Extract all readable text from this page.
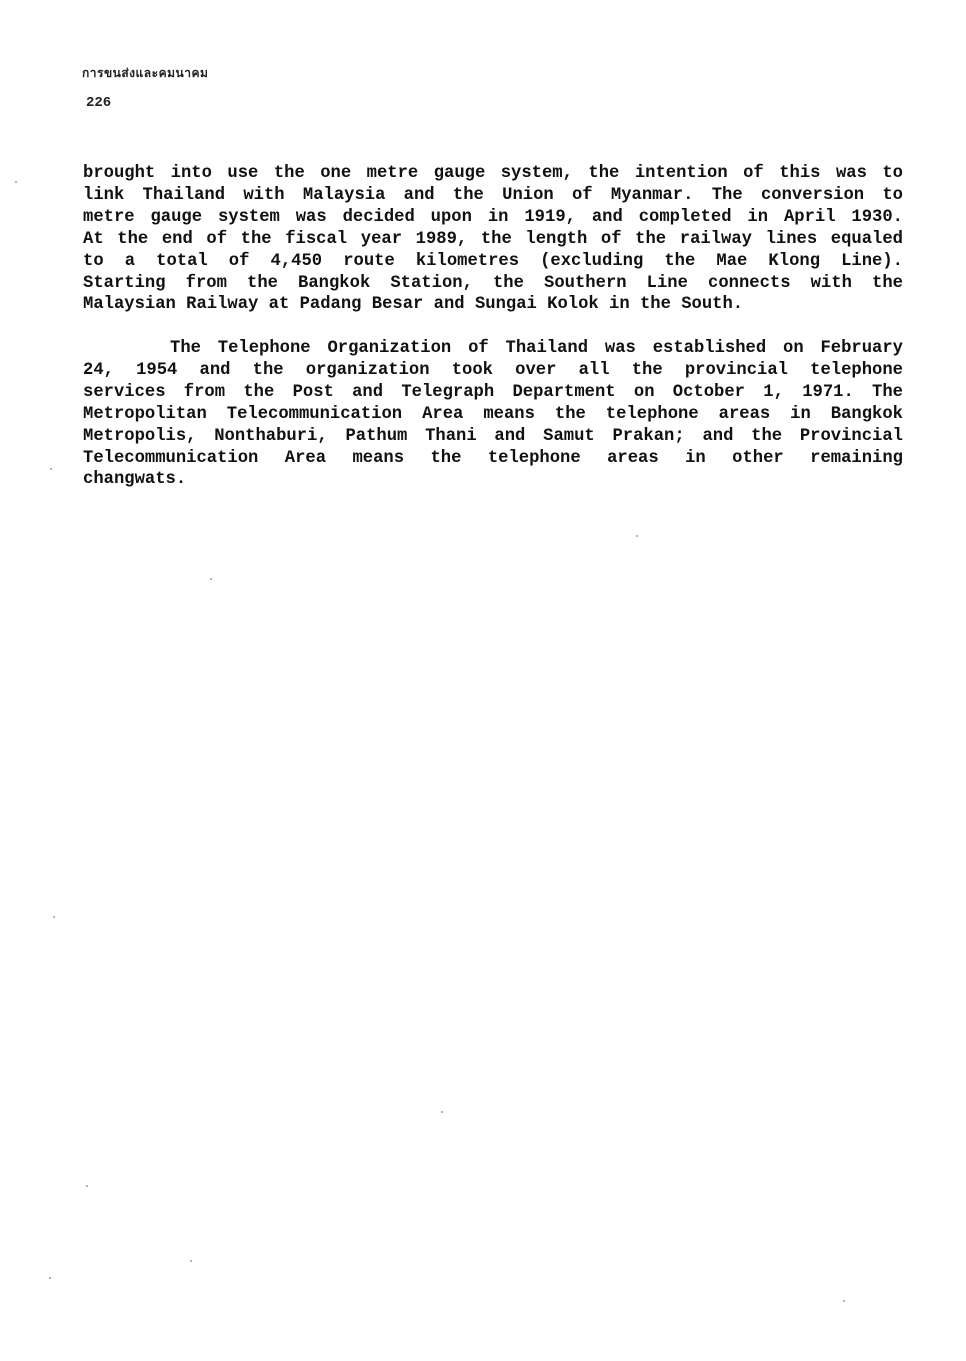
การขนส่งและคมนาคม
226
brought into use the one metre gauge system, the intention of this was to
link Thailand with Malaysia and the Union of Myanmar. The conversion to
metre gauge system was decided upon in 1919, and completed in April 1930.
At the end of the fiscal year 1989, the length of the railway lines equaled
to a total of 4,450 route kilometres (excluding the Mae Klong Line).
Starting from the Bangkok Station, the Southern Line connects with the
Malaysian Railway at Padang Besar and Sungai Kolok in the South.
The Telephone Organization of Thailand was established on February
24, 1954 and the organization took over all the provincial telephone
services from the Post and Telegraph Department on October 1, 1971. The
Metropolitan Telecommunication Area means the telephone areas in Bangkok
Metropolis, Nonthaburi, Pathum Thani and Samut Prakan; and the Provincial
Telecommunication Area means the telephone areas in other remaining
changwats.
